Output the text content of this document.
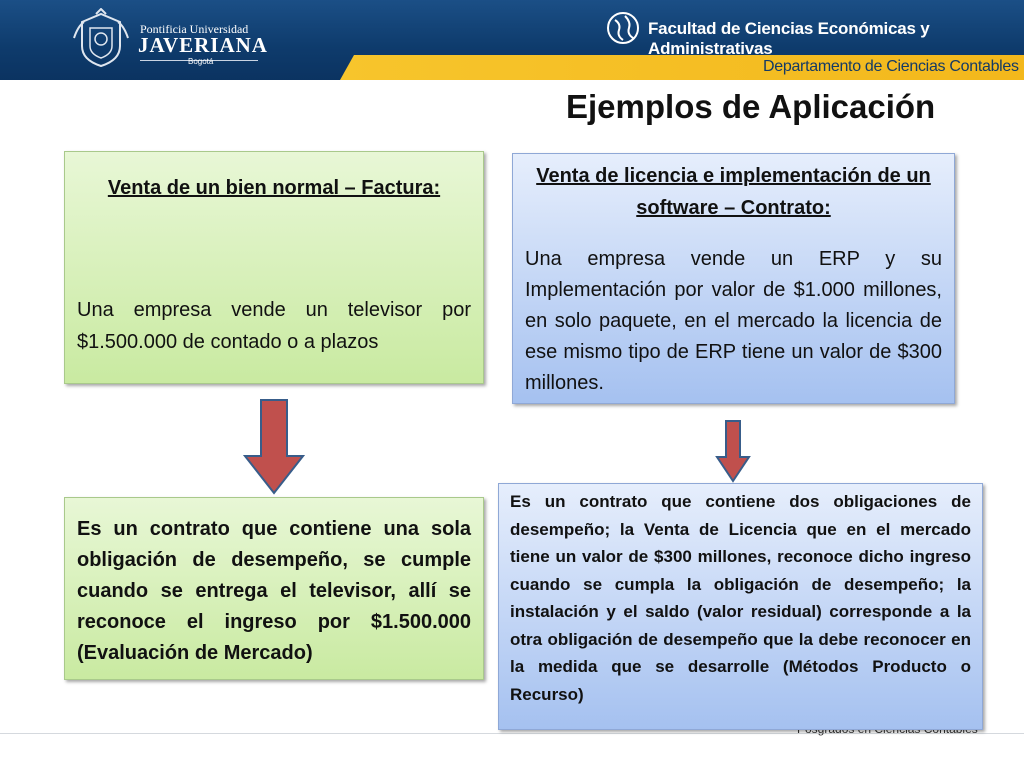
Pontificia Universidad
JAVERIANA
Bogotá
Facultad de Ciencias Económicas y Administrativas
Departamento de Ciencias Contables
Ejemplos de Aplicación
Venta de un bien normal – Factura:
Una empresa vende un televisor por $1.500.000 de contado o a plazos
Venta de licencia e implementación de un software – Contrato:
Una empresa vende un ERP y su Implementación por valor de $1.000 millones, en solo paquete, en el mercado la licencia de ese mismo tipo de ERP tiene un valor de $300 millones.
Es un contrato que contiene una sola obligación de desempeño, se cumple cuando se entrega el televisor, allí se reconoce el ingreso por $1.500.000 (Evaluación de Mercado)
Es un contrato que contiene dos obligaciones de desempeño; la Venta de Licencia que en el mercado tiene un valor de $300 millones, reconoce dicho ingreso cuando se cumpla la obligación de desempeño; la instalación y el saldo (valor residual) corresponde a la otra obligación de desempeño que la debe reconocer en la medida que se desarrolle (Métodos Producto o Recurso)
